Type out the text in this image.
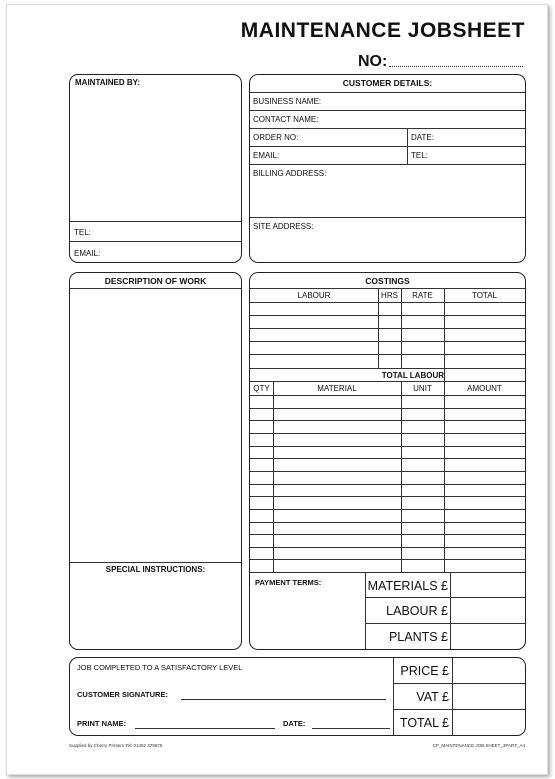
MAINTENANCE JOBSHEET
NO:
MAINTAINED BY:
TEL:
EMAIL:
CUSTOMER DETAILS:
BUSINESS NAME:
CONTACT NAME:
ORDER NO:	DATE:
EMAIL:	TEL:
BILLING ADDRESS:
SITE ADDRESS:
DESCRIPTION OF WORK
SPECIAL INSTRUCTIONS:
COSTINGS
LABOUR	HRS	RATE	TOTAL
TOTAL LABOUR
QTY	MATERIAL	UNIT	AMOUNT
PAYMENT TERMS:	MATERIALS £
LABOUR £
PLANTS £
JOB COMPLETED TO A SATISFACTORY LEVEL
CUSTOMER SIGNATURE:
PRINT NAME:	DATE:
PRICE £
VAT £
TOTAL £
Supplied by Cherry Printers Tel: 01482 379679	CP_MAINTENANCE JOB SHEET_3PART_A4
